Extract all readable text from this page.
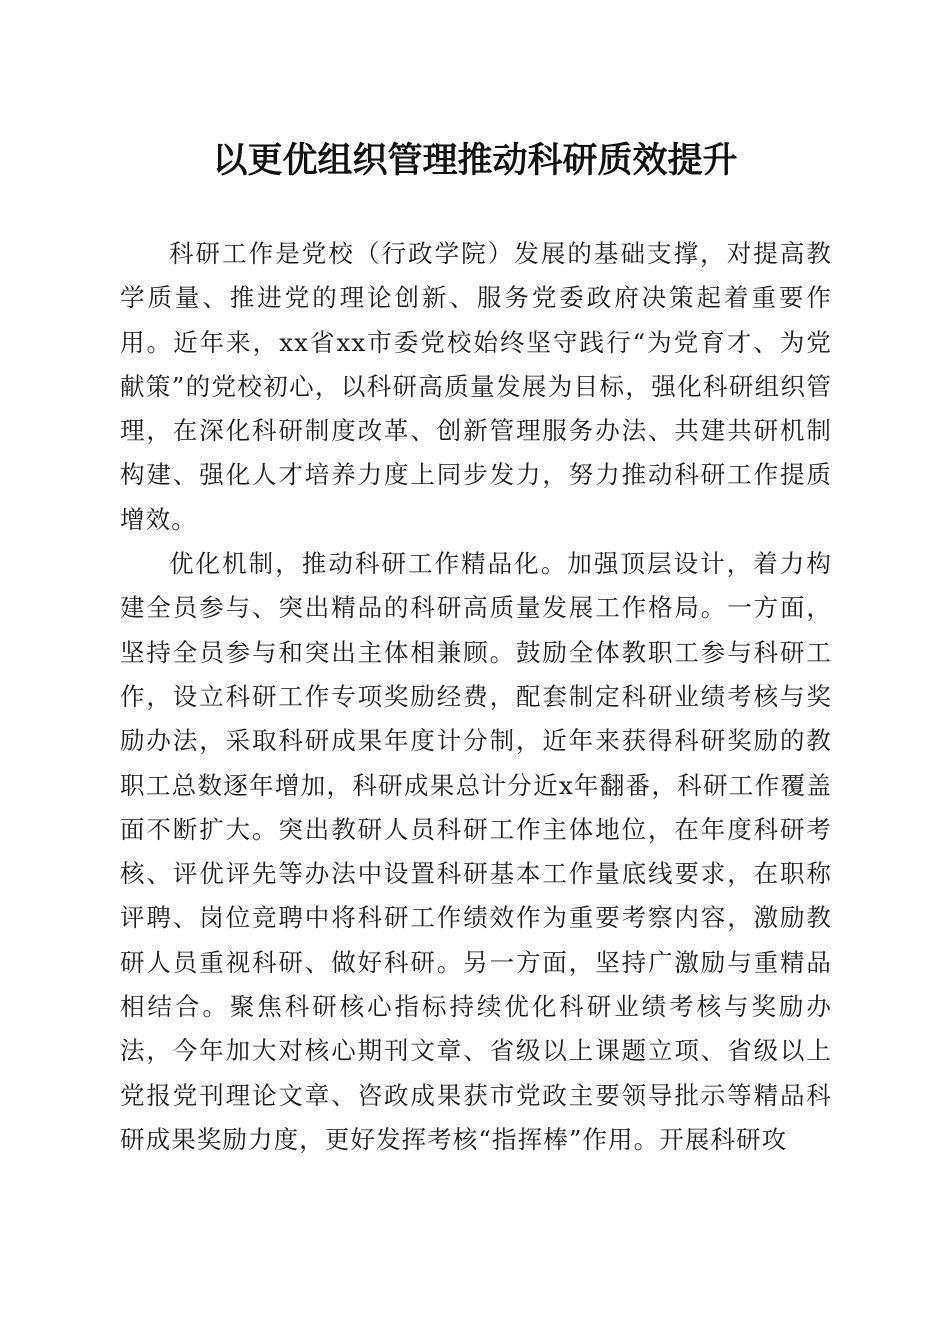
以更优组织管理推动科研质效提升

科研工作是党校（行政学院）发展的基础支撑，对提高教学质量、推进党的理论创新、服务党委政府决策起着重要作用。近年来，xx省xx市委党校始终坚守践行“为党育才、为党献策”的党校初心，以科研高质量发展为目标，强化科研组织管理，在深化科研制度改革、创新管理服务办法、共建共研机制构建、强化人才培养力度上同步发力，努力推动科研工作提质增效。

优化机制，推动科研工作精品化。加强顶层设计，着力构建全员参与、突出精品的科研高质量发展工作格局。一方面，坚持全员参与和突出主体相兼顾。鼓励全体教职工参与科研工作，设立科研工作专项奖励经费，配套制定科研业绩考核与奖励办法，采取科研成果年度计分制，近年来获得科研奖励的教职工总数逐年增加，科研成果总计分近x年翻番，科研工作覆盖面不断扩大。突出教研人员科研工作主体地位，在年度科研考核、评优评先等办法中设置科研基本工作量底线要求，在职称评聘、岗位竞聘中将科研工作绩效作为重要考察内容，激励教研人员重视科研、做好科研。另一方面，坚持广激励与重精品相结合。聚焦科研核心指标持续优化科研业绩考核与奖励办法，今年加大对核心期刊文章、省级以上课题立项、省级以上党报党刊理论文章、咨政成果获市党政主要领导批示等精品科研成果奖励力度，更好发挥考核“指挥棒”作用。开展科研攻
